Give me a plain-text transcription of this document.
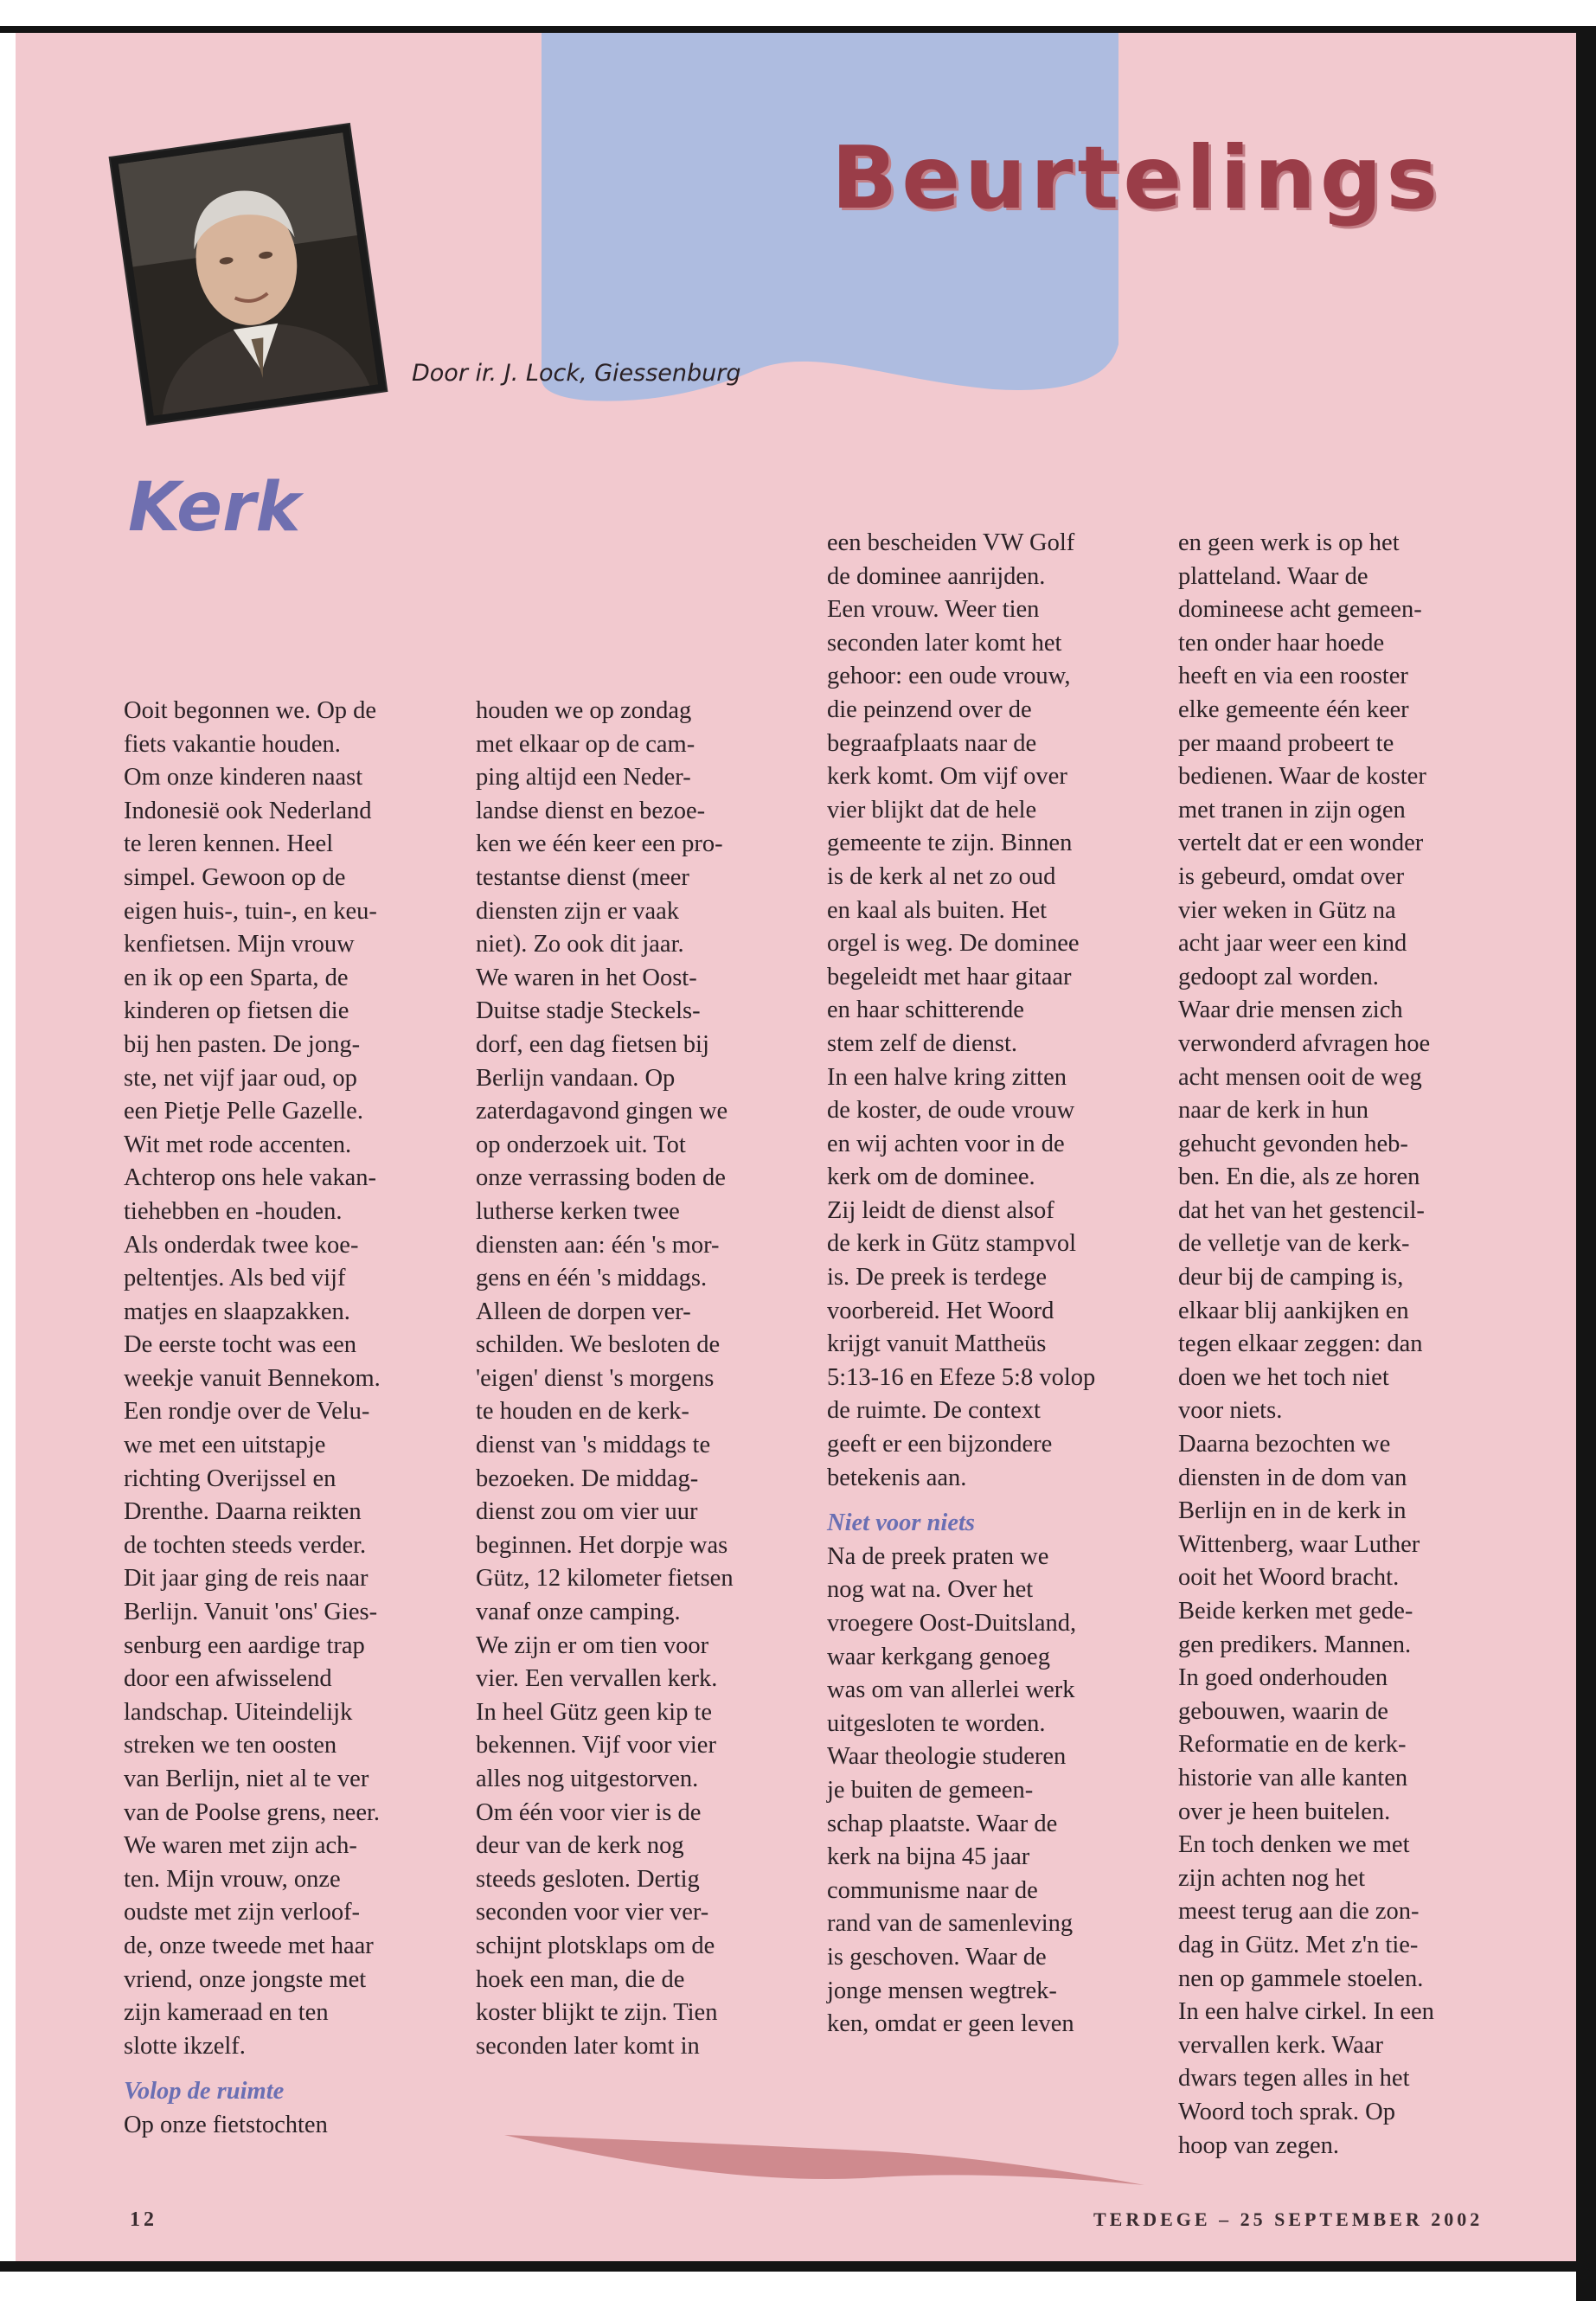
Beurtelings
Door ir. J. Lock, Giessenburg
Kerk
Ooit begonnen we. Op de
fiets vakantie houden.
Om onze kinderen naast
Indonesië ook Nederland
te leren kennen. Heel
simpel. Gewoon op de
eigen huis-, tuin-, en keu-
kenfietsen. Mijn vrouw
en ik op een Sparta, de
kinderen op fietsen die
bij hen pasten. De jong-
ste, net vijf jaar oud, op
een Pietje Pelle Gazelle.
Wit met rode accenten.
Achterop ons hele vakan-
tiehebben en -houden.
Als onderdak twee koe-
peltentjes. Als bed vijf
matjes en slaapzakken.
De eerste tocht was een
weekje vanuit Bennekom.
Een rondje over de Velu-
we met een uitstapje
richting Overijssel en
Drenthe. Daarna reikten
de tochten steeds verder.
Dit jaar ging de reis naar
Berlijn. Vanuit 'ons' Gies-
senburg een aardige trap
door een afwisselend
landschap. Uiteindelijk
streken we ten oosten
van Berlijn, niet al te ver
van de Poolse grens, neer.
We waren met zijn ach-
ten. Mijn vrouw, onze
oudste met zijn verloof-
de, onze tweede met haar
vriend, onze jongste met
zijn kameraad en ten
slotte ikzelf.
Volop de ruimte
Op onze fietstochten
houden we op zondag
met elkaar op de cam-
ping altijd een Neder-
landse dienst en bezoe-
ken we één keer een pro-
testantse dienst (meer
diensten zijn er vaak
niet). Zo ook dit jaar.
We waren in het Oost-
Duitse stadje Steckels-
dorf, een dag fietsen bij
Berlijn vandaan. Op
zaterdagavond gingen we
op onderzoek uit. Tot
onze verrassing boden de
lutherse kerken twee
diensten aan: één 's mor-
gens en één 's middags.
Alleen de dorpen ver-
schilden. We besloten de
'eigen' dienst 's morgens
te houden en de kerk-
dienst van 's middags te
bezoeken. De middag-
dienst zou om vier uur
beginnen. Het dorpje was
Gütz, 12 kilometer fietsen
vanaf onze camping.
We zijn er om tien voor
vier. Een vervallen kerk.
In heel Gütz geen kip te
bekennen. Vijf voor vier
alles nog uitgestorven.
Om één voor vier is de
deur van de kerk nog
steeds gesloten. Dertig
seconden voor vier ver-
schijnt plotsklaps om de
hoek een man, die de
koster blijkt te zijn. Tien
seconden later komt in
een bescheiden VW Golf
de dominee aanrijden.
Een vrouw. Weer tien
seconden later komt het
gehoor: een oude vrouw,
die peinzend over de
begraafplaats naar de
kerk komt. Om vijf over
vier blijkt dat de hele
gemeente te zijn. Binnen
is de kerk al net zo oud
en kaal als buiten. Het
orgel is weg. De dominee
begeleidt met haar gitaar
en haar schitterende
stem zelf de dienst.
In een halve kring zitten
de koster, de oude vrouw
en wij achten voor in de
kerk om de dominee.
Zij leidt de dienst alsof
de kerk in Gütz stampvol
is. De preek is terdege
voorbereid. Het Woord
krijgt vanuit Mattheüs
5:13-16 en Efeze 5:8 volop
de ruimte. De context
geeft er een bijzondere
betekenis aan.
Niet voor niets
Na de preek praten we
nog wat na. Over het
vroegere Oost-Duitsland,
waar kerkgang genoeg
was om van allerlei werk
uitgesloten te worden.
Waar theologie studeren
je buiten de gemeen-
schap plaatste. Waar de
kerk na bijna 45 jaar
communisme naar de
rand van de samenleving
is geschoven. Waar de
jonge mensen wegtrek-
ken, omdat er geen leven
en geen werk is op het
platteland. Waar de
domineese acht gemeen-
ten onder haar hoede
heeft en via een rooster
elke gemeente één keer
per maand probeert te
bedienen. Waar de koster
met tranen in zijn ogen
vertelt dat er een wonder
is gebeurd, omdat over
vier weken in Gütz na
acht jaar weer een kind
gedoopt zal worden.
Waar drie mensen zich
verwonderd afvragen hoe
acht mensen ooit de weg
naar de kerk in hun
gehucht gevonden heb-
ben. En die, als ze horen
dat het van het gestencil-
de velletje van de kerk-
deur bij de camping is,
elkaar blij aankijken en
tegen elkaar zeggen: dan
doen we het toch niet
voor niets.
Daarna bezochten we
diensten in de dom van
Berlijn en in de kerk in
Wittenberg, waar Luther
ooit het Woord bracht.
Beide kerken met gede-
gen predikers. Mannen.
In goed onderhouden
gebouwen, waarin de
Reformatie en de kerk-
historie van alle kanten
over je heen buitelen.
En toch denken we met
zijn achten nog het
meest terug aan die zon-
dag in Gütz. Met z'n tie-
nen op gammele stoelen.
In een halve cirkel. In een
vervallen kerk. Waar
dwars tegen alles in het
Woord toch sprak. Op
hoop van zegen.
12	TERDEGE – 25 SEPTEMBER 2002
